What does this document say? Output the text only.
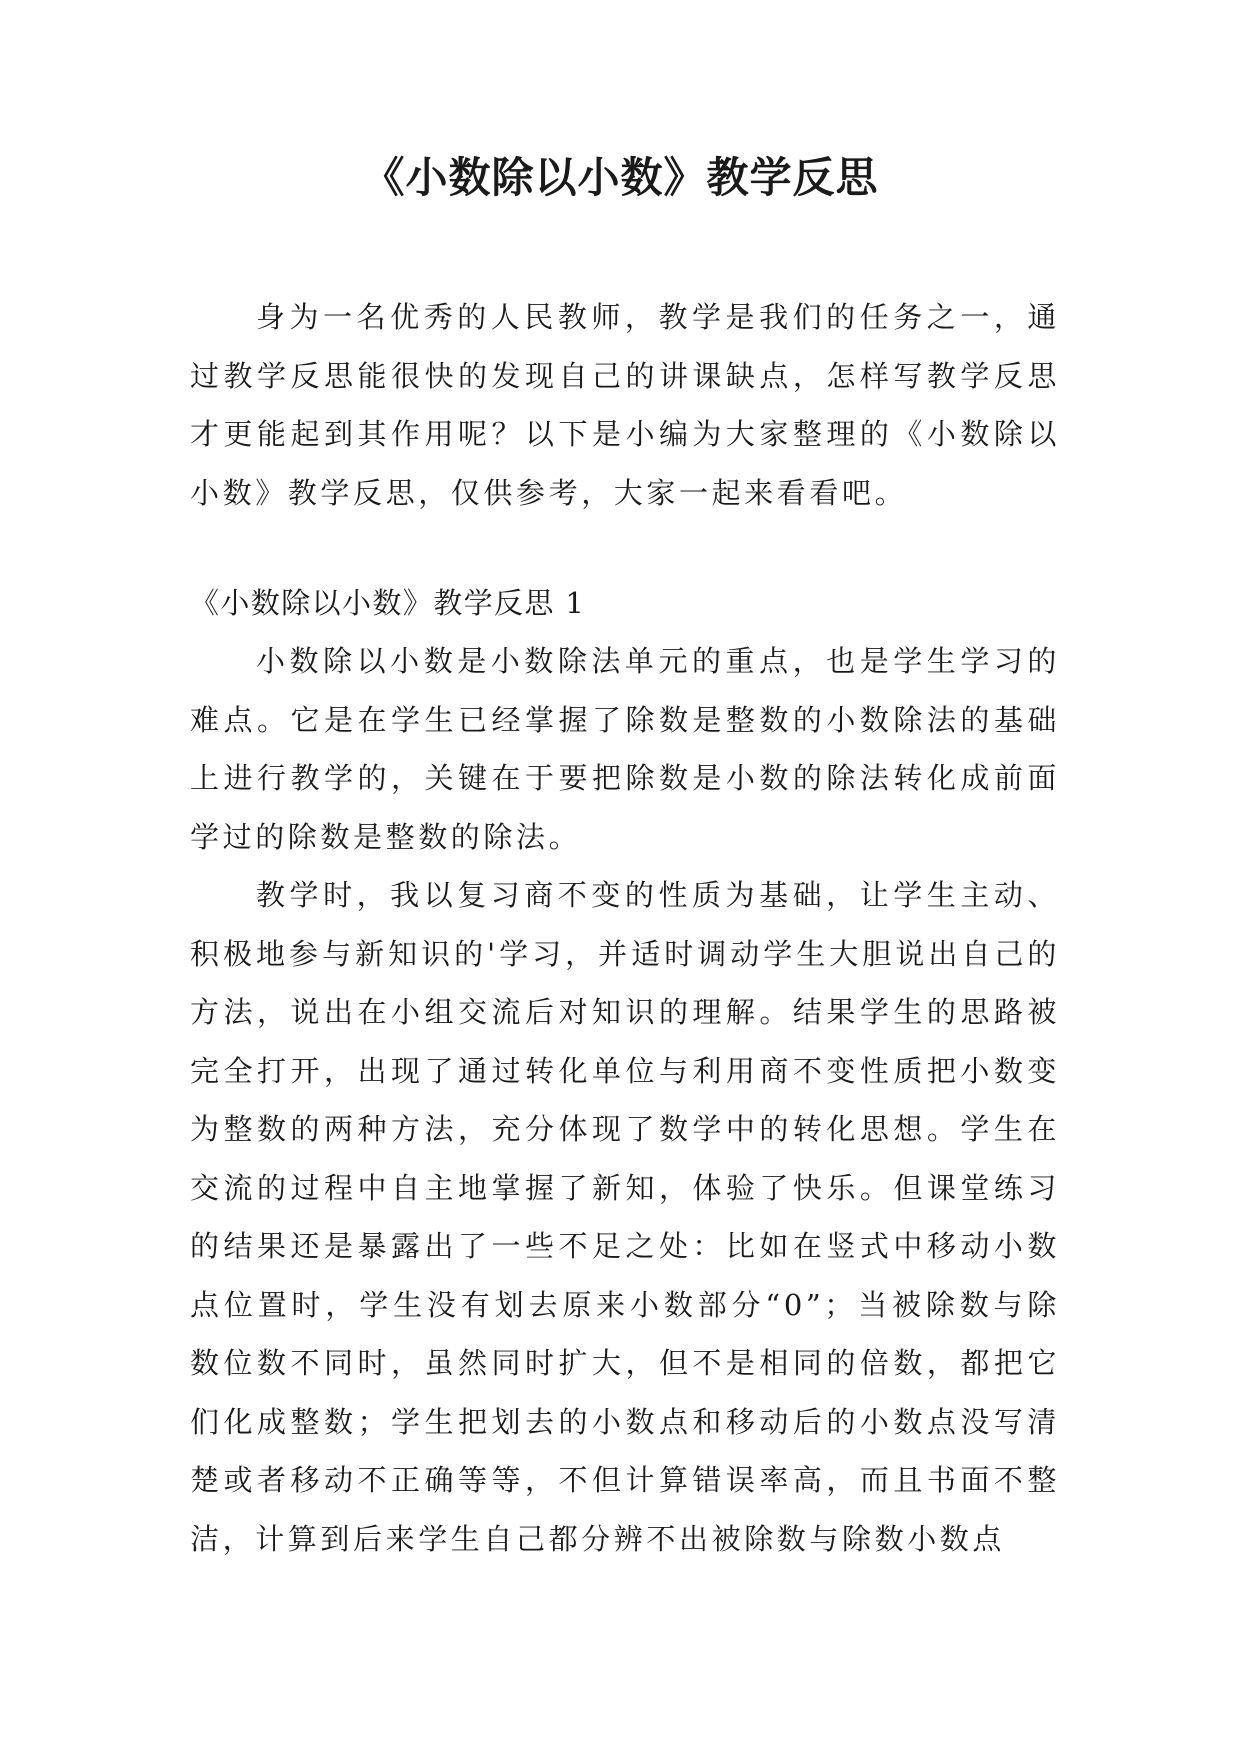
《小数除以小数》教学反思

身为一名优秀的人民教师，教学是我们的任务之一，通过教学反思能很快的发现自己的讲课缺点，怎样写教学反思才更能起到其作用呢？以下是小编为大家整理的《小数除以小数》教学反思，仅供参考，大家一起来看看吧。

《小数除以小数》教学反思 1

小数除以小数是小数除法单元的重点，也是学生学习的难点。它是在学生已经掌握了除数是整数的小数除法的基础上进行教学的，关键在于要把除数是小数的除法转化成前面学过的除数是整数的除法。

教学时，我以复习商不变的性质为基础，让学生主动、积极地参与新知识的'学习，并适时调动学生大胆说出自己的方法，说出在小组交流后对知识的理解。结果学生的思路被完全打开，出现了通过转化单位与利用商不变性质把小数变为整数的两种方法，充分体现了数学中的转化思想。学生在交流的过程中自主地掌握了新知，体验了快乐。但课堂练习的结果还是暴露出了一些不足之处：比如在竖式中移动小数点位置时，学生没有划去原来小数部分“0”；当被除数与除数位数不同时，虽然同时扩大，但不是相同的倍数，都把它们化成整数；学生把划去的小数点和移动后的小数点没写清楚或者移动不正确等等，不但计算错误率高，而且书面不整洁，计算到后来学生自己都分辨不出被除数与除数小数点
